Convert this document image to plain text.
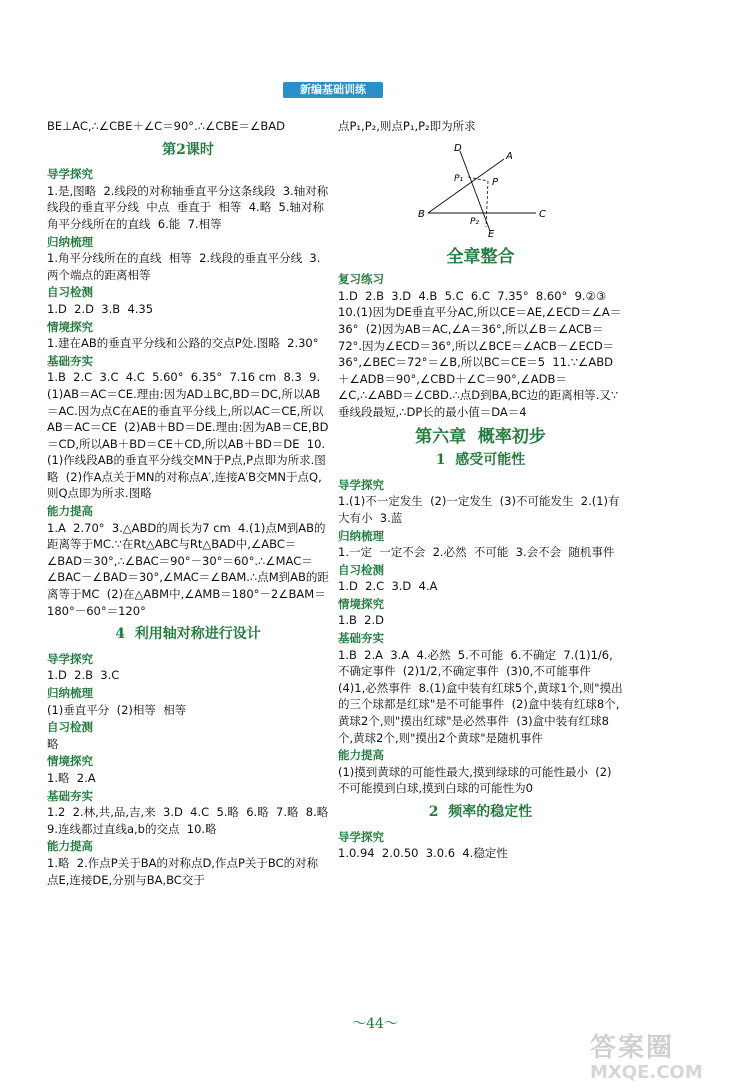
新编基础训练

BE⊥AC,∴∠CBE＋∠C＝90°.∴∠CBE＝∠BAD

第2课时

导学探究

1.是,图略  2.线段的对称轴垂直平分这条线段  3.轴对称  线段的垂直平分线  中点  垂直于  相等  4.略  5.轴对称  角平分线所在的直线  6.能  7.相等

归纳梳理

1.角平分线所在的直线  相等  2.线段的垂直平分线  3.两个端点的距离相等

自习检测

1.D  2.D  3.B  4.35

情境探究

1.建在AB的垂直平分线和公路的交点P处.图略  2.30°

基础夯实

1.B  2.C  3.C  4.C  5.60°  6.35°  7.16 cm  8.3  9.(1)AB＝AC＝CE.理由:因为AD⊥BC,BD＝DC,所以AB＝AC.因为点C在AE的垂直平分线上,所以AC＝CE,所以AB＝AC＝CE  (2)AB＋BD＝DE.理由:因为AB＝CE,BD＝CD,所以AB＋BD＝CE＋CD,所以AB＋BD＝DE  10.(1)作线段AB的垂直平分线交MN于P点,P点即为所求.图略  (2)作A点关于MN的对称点A′,连接A′B交MN于点Q,则Q点即为所求.图略

能力提高

1.A  2.70°  3.△ABD的周长为7 cm  4.(1)点M到AB的距离等于MC.∵在Rt△ABC与Rt△BAD中,∠ABC＝∠BAD＝30°,∴∠BAC＝90°－30°＝60°.∴∠MAC＝∠BAC－∠BAD＝30°,∠MAC＝∠BAM.∴点M到AB的距离等于MC  (2)在△ABM中,∠AMB＝180°－2∠BAM＝180°－60°＝120°

4  利用轴对称进行设计

导学探究

1.D  2.B  3.C

归纳梳理

(1)垂直平分  (2)相等  相等

自习检测

略

情境探究

1.略  2.A

基础夯实

1.2  2.林,共,品,吉,来  3.D  4.C  5.略  6.略  7.略  8.略  9.连线都过直线a,b的交点  10.略

能力提高

1.略  2.作点P关于BA的对称点D,作点P关于BC的对称点E,连接DE,分别与BA,BC交于

点P₁,P₂,则点P₁,P₂即为所求

D
A
P₁	P
B	C
P₂
E

全章整合

复习练习

1.D  2.B  3.D  4.B  5.C  6.C  7.35°  8.60°  9.②③  10.(1)因为DE垂直平分AC,所以CE＝AE,∠ECD＝∠A＝36°  (2)因为AB＝AC,∠A＝36°,所以∠B＝∠ACB＝72°.因为∠ECD＝36°,所以∠BCE＝∠ACB－∠ECD＝36°,∠BEC＝72°＝∠B,所以BC＝CE＝5  11.∵∠ABD＋∠ADB＝90°,∠CBD＋∠C＝90°,∠ADB＝∠C,∴∠ABD＝∠CBD.∴点D到BA,BC边的距离相等.又∵垂线段最短,∴DP长的最小值＝DA＝4

第六章  概率初步

1  感受可能性

导学探究

1.(1)不一定发生  (2)一定发生  (3)不可能发生  2.(1)有大有小  3.蓝

归纳梳理

1.一定  一定不会  2.必然  不可能  3.会不会  随机事件

自习检测

1.D  2.C  3.D  4.A

情境探究

1.B  2.D

基础夯实

1.B  2.A  3.A  4.必然  5.不可能  6.不确定  7.(1)1/6,不确定事件  (2)1/2,不确定事件  (3)0,不可能事件  (4)1,必然事件  8.(1)盒中装有红球5个,黄球1个,则"摸出的三个球都是红球"是不可能事件  (2)盒中装有红球8个,黄球2个,则"摸出红球"是必然事件  (3)盒中装有红球8个,黄球2个,则"摸出2个黄球"是随机事件

能力提高

(1)摸到黄球的可能性最大,摸到绿球的可能性最小  (2)不可能摸到白球,摸到白球的可能性为0

2  频率的稳定性

导学探究

1.0.94  2.0.50  3.0.6  4.稳定性

～44～
答案圈
MXQE.COM
